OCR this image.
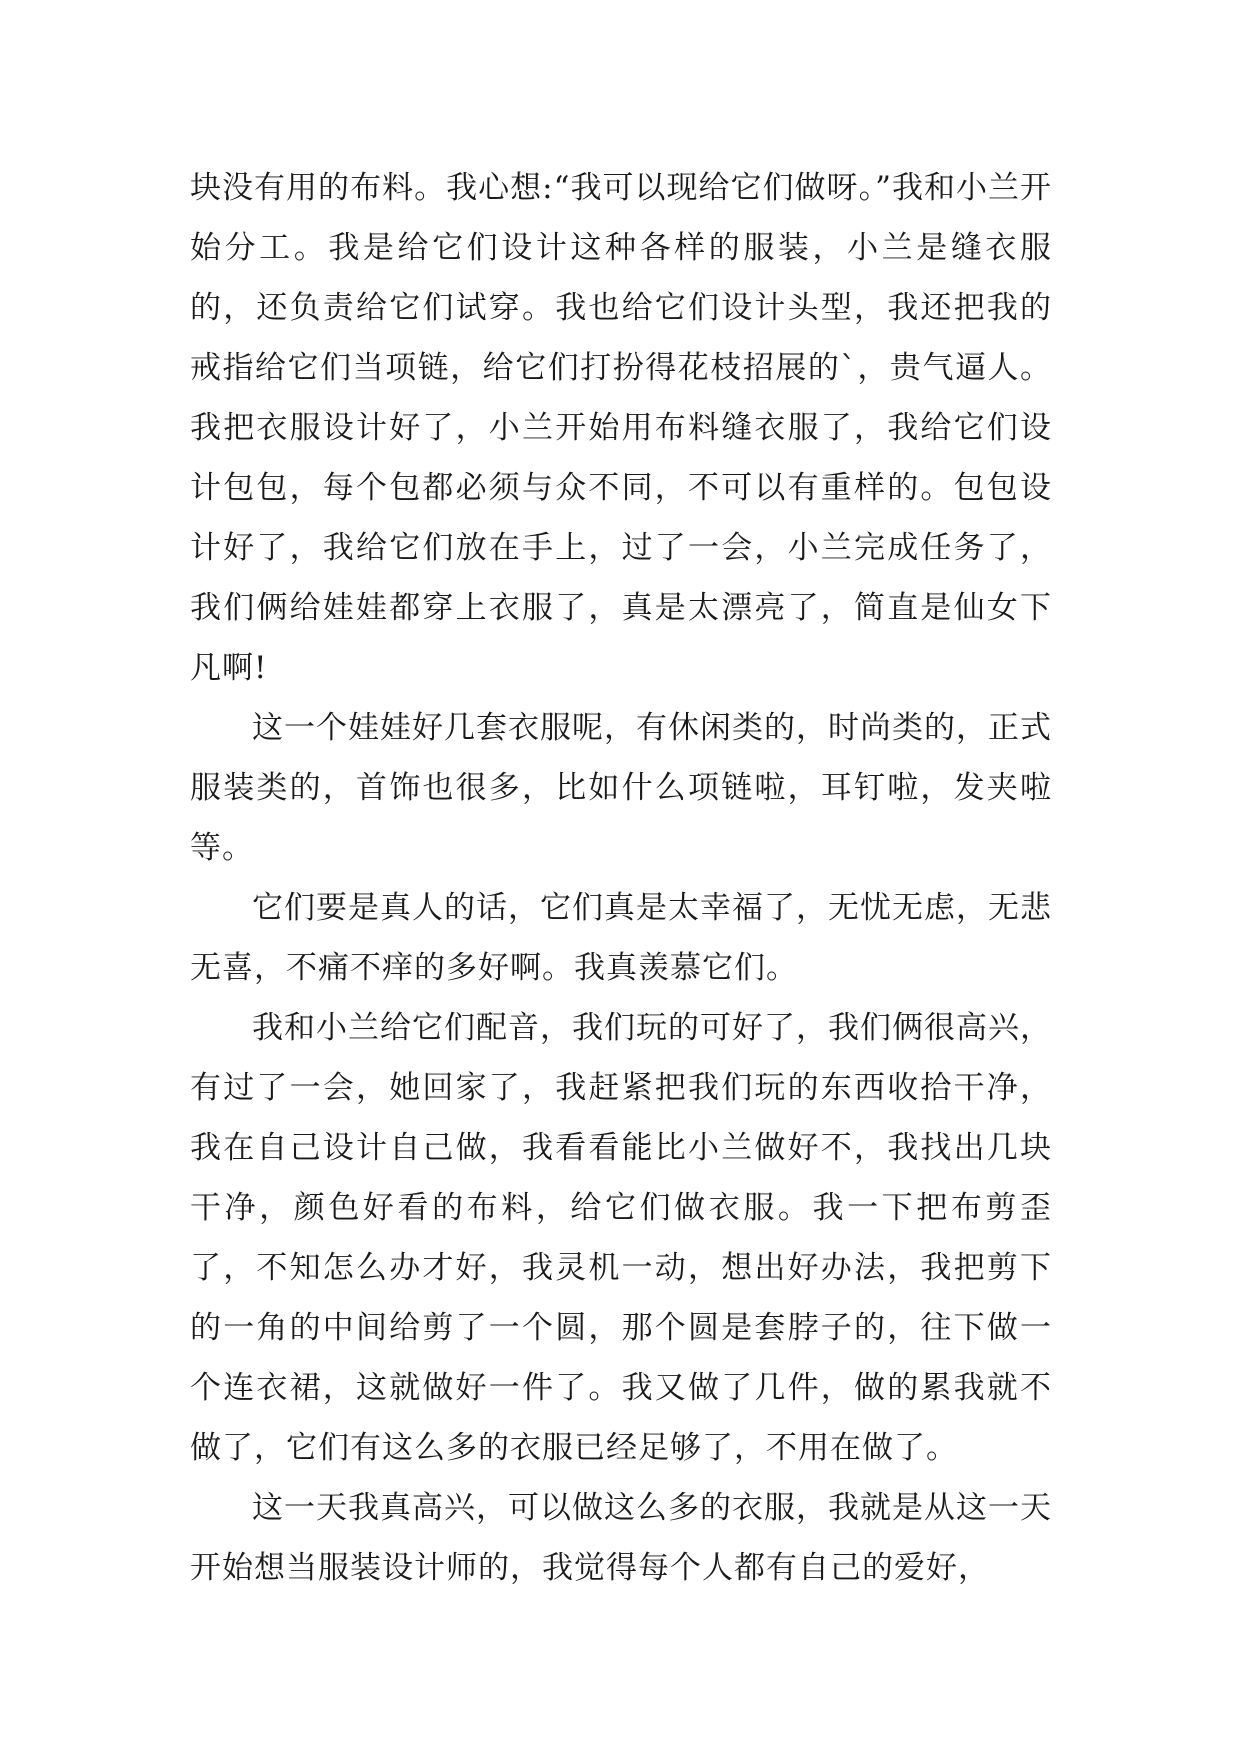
块没有用的布料。我心想:“我可以现给它们做呀。”我和小兰开始分工。我是给它们设计这种各样的服装，小兰是缝衣服的，还负责给它们试穿。我也给它们设计头型，我还把我的戒指给它们当项链，给它们打扮得花枝招展的`，贵气逼人。我把衣服设计好了，小兰开始用布料缝衣服了，我给它们设计包包，每个包都必须与众不同，不可以有重样的。包包设计好了，我给它们放在手上，过了一会，小兰完成任务了，我们俩给娃娃都穿上衣服了，真是太漂亮了，简直是仙女下凡啊!

这一个娃娃好几套衣服呢，有休闲类的，时尚类的，正式服装类的，首饰也很多，比如什么项链啦，耳钉啦，发夹啦等。

它们要是真人的话，它们真是太幸福了，无忧无虑，无悲无喜，不痛不痒的多好啊。我真羡慕它们。

我和小兰给它们配音，我们玩的可好了，我们俩很高兴，有过了一会，她回家了，我赶紧把我们玩的东西收拾干净，我在自己设计自己做，我看看能比小兰做好不，我找出几块干净，颜色好看的布料，给它们做衣服。我一下把布剪歪了，不知怎么办才好，我灵机一动，想出好办法，我把剪下的一角的中间给剪了一个圆，那个圆是套脖子的，往下做一个连衣裙，这就做好一件了。我又做了几件，做的累我就不做了，它们有这么多的衣服已经足够了，不用在做了。

这一天我真高兴，可以做这么多的衣服，我就是从这一天开始想当服装设计师的，我觉得每个人都有自己的爱好，
